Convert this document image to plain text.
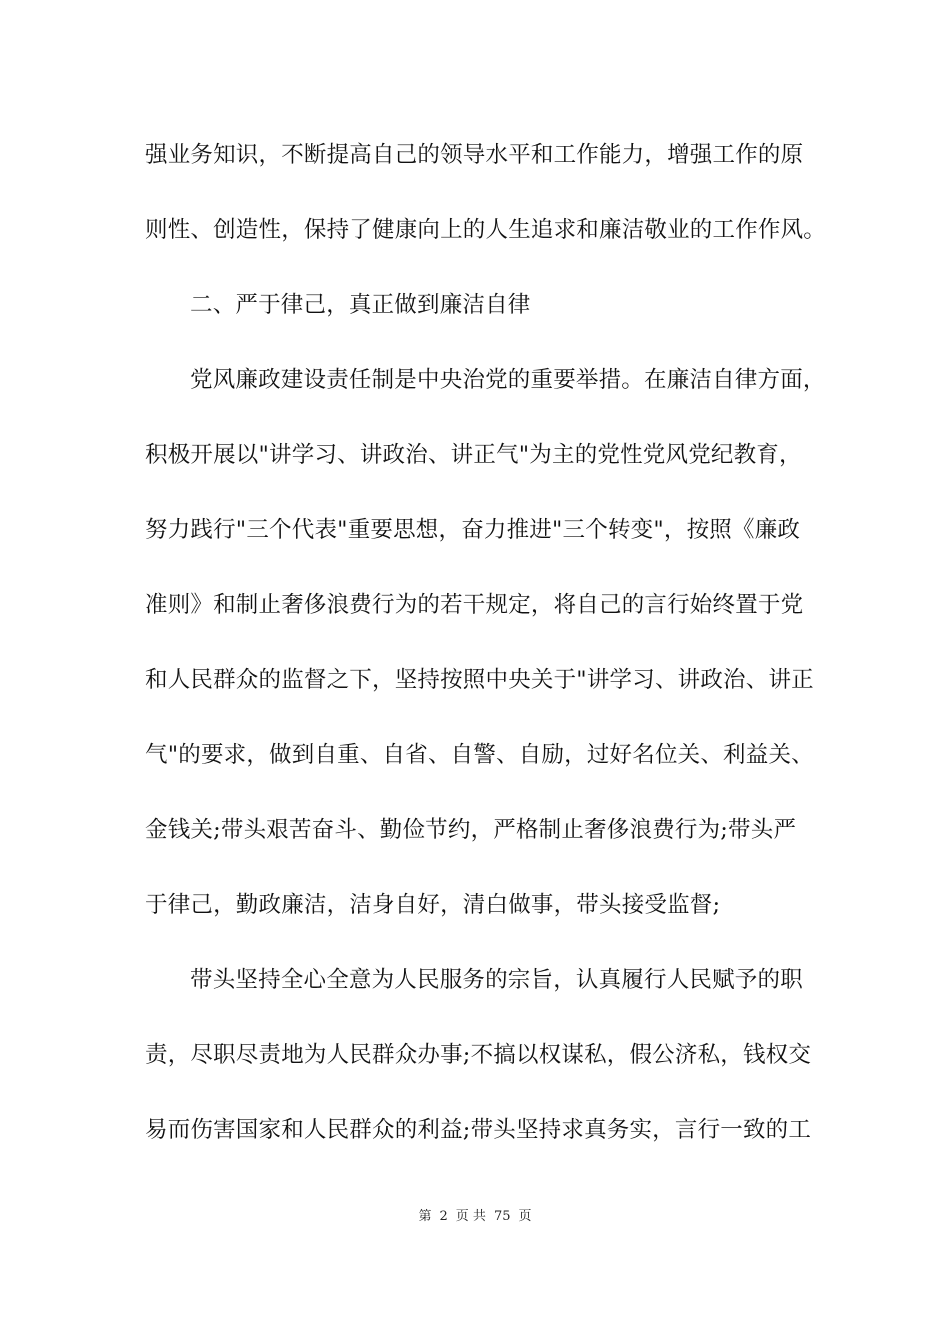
强业务知识，不断提高自己的领导水平和工作能力，增强工作的原
则性、创造性，保持了健康向上的人生追求和廉洁敬业的工作作风。
二、严于律己，真正做到廉洁自律
党风廉政建设责任制是中央治党的重要举措。在廉洁自律方面，
积极开展以"讲学习、讲政治、讲正气"为主的党性党风党纪教育，
努力践行"三个代表"重要思想，奋力推进"三个转变"，按照《廉政
准则》和制止奢侈浪费行为的若干规定，将自己的言行始终置于党
和人民群众的监督之下，坚持按照中央关于"讲学习、讲政治、讲正
气"的要求，做到自重、自省、自警、自励，过好名位关、利益关、
金钱关;带头艰苦奋斗、勤俭节约，严格制止奢侈浪费行为;带头严
于律己，勤政廉洁，洁身自好，清白做事，带头接受监督;
带头坚持全心全意为人民服务的宗旨，认真履行人民赋予的职
责，尽职尽责地为人民群众办事;不搞以权谋私，假公济私，钱权交
易而伤害国家和人民群众的利益;带头坚持求真务实，言行一致的工
第 2 页 共 75 页
